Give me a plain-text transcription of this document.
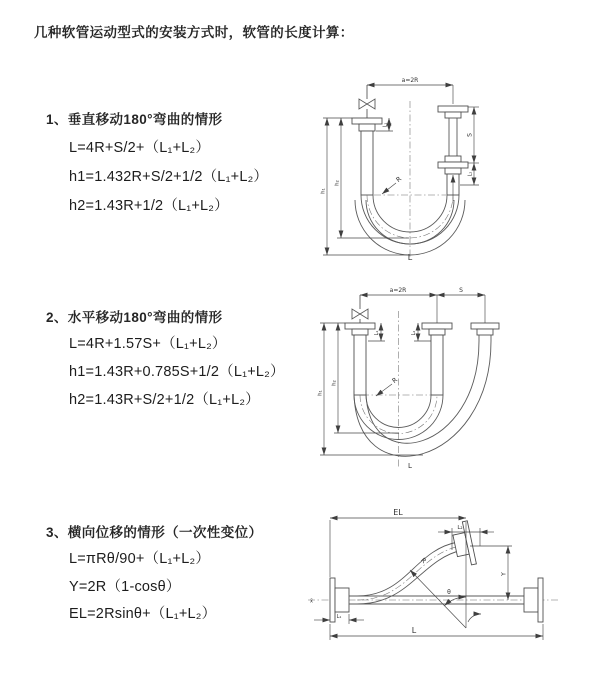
几种软管运动型式的安装方式时，软管的长度计算：
1、垂直移动180°弯曲的情形
L=4R+S/2+（L₁+L₂）
h1=1.432R+S/2+1/2（L₁+L₂）
h2=1.43R+1/2（L₁+L₂）
2、水平移动180°弯曲的情形
L=4R+1.57S+（L₁+L₂）
h1=1.43R+0.785S+1/2（L₁+L₂）
h2=1.43R+S/2+1/2（L₁+L₂）
3、横向位移的情形（一次性变位）
L=πRθ/90+（L₁+L₂）
Y=2R（1-cosθ）
EL=2Rsinθ+（L₁+L₂）
a=2R
S
L₂
L₁
h₁
h₂	R
L
a=2R	S
h₁
h₂
L₁	L₂
R
L
x̄
EL
L₂
Y
L
L₁
R
θ
